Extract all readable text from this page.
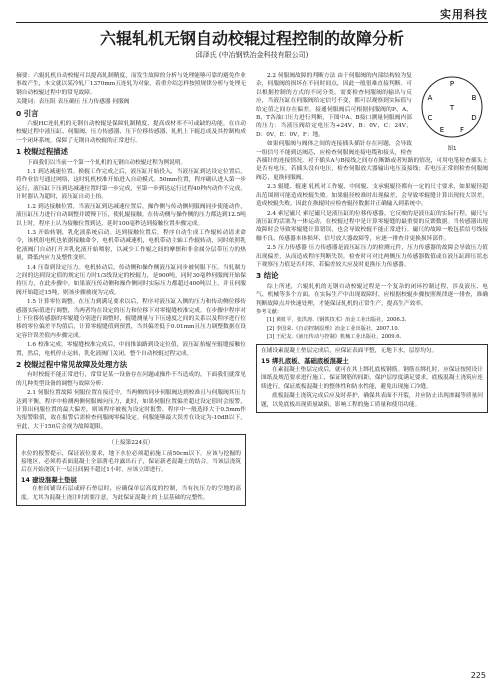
实用科技
六辊轧机无钢自动校辊过程控制的故障分析
邱泽氏 (中冶钢铁冶金科技有限公司)

摘要：六辊轧机自动校辊可以提高轧制精度，而发生故障的分析与处理能够可靠的避免作业事故产生，本文就以某冷轧厂1370mm五连轧为对象，着重介绍怎样按照规律分析与处理无钢自动校辊过程中的常见故障。

关键词：表压阻 表压确压 压力传感器 伺服阀

0 引言

六辊HC连轧机的无钢自动校辊是保障轧制精度、提高成材率不可或缺的功能。在自动校辊过程中液压缸、伺服阀、压力传感器、压下位移传感器、轧机上下辊总成及其控制构成一个闭环系统，保障了无钢自动校辊的正常进行。

1 校辊过程描述

下面我们以当前一个第一个轧机的无钢自动校辊过程为例说明。

1.1 到达减速位置。换辊工作完成之后，液压缸开始投入，当液压缸到达设定位置后，将作业信号通过网络，这时轧机校准开始进入自动模式。50mm位置，程序确认进入第一步运行，液压缸下压到达减速位置时第一步完成，至第一步到达运行过程40秒内动作不完成，计时器认为超时，液压缸自动上抬。

1.2 到达接触位置。当液压缸到达减速位置后，操作侧与传动侧伺服阀同步使能动作，液压缸压力进行自动调整并缓慢下压，使轧辊接触。在传动侧与操作侧的压力都达到12.5吨以上时，程序上认为接触位置到达，延时100毫秒达到接触位置步骤完成。

1.3 开始转钢，乳化液系统启动。达到接触位置后，程序自动生成工作辊转动请求命令，该机组电机也依据接触命令，电机带动减速机，电机带动主轴工作辊转动，同时依照乳化液阀门自动打开并乳化液开始喷射，以减少工作辊之间的摩擦和非金属分层带压力的热量，降低内应力及整性变形。

1.4 压靠到设定压力。电机转动后，传动侧和操作侧液压缸同步被伺服下压，当轧制力之间的达到设定值的规定压力时1/3线设定的校辊力，是900吨，同时30毫秒伺服阀开始保持压力，在此步骤中，如果液压传动侧和操作侧同时实际压力都超过400吨以上，并且伺服阀开始超过15吨，则该步骤被视为完成。

1.5 计算零位调整。在压力到满足要求以后，程序对液压缸入侧的压力和传动侧位移传感器实际值进行调整，当两者均在设定的压力和位移下对零辊缝校准完成。在步骤中程序对上下位移传感器的零辊缝分别进行调整时，辊缝测量与下压速度之间的关系以及程序进行位移的零位偏差平均值后，计算零辊缝值到预置，当其偏差低于0.01mm且压力调整数据在设定容许误差值内步骤完成。

1.6 校准完成。零辊缝校准完成后，中间推油路到设定位值，液压缸抬辊至辊缝接触位置，然后，电机停止运转，乳化液阀门关闭，整个自动校辊过程完成。

2 校辊过程中常见故障及处理方法

有时校辊不能正常进行，常常是某一设备存在问题或操作不当造成的，下面我们就常见的几种类型设备的调整与故障分析：

2.1 伺服位置故障 伺服位置在接近中，当两侧的同步伺服阀达到校准且与伺服阀其压力达到平衡，程序中检测两侧伺服阀向压力，此时，如果伺服位置偏差超过设定值时会报警，计算出伺服位置的最大偏差，则该程序被视为设定时报警，程序中一般选择大于0.5mm作为报警限值，故在报警后需检查伺服阀零偏设定。伺服能够最大误差在设定为-10dB以下，至此，大于150后会视为故障超限。

（上接第224页）

水位的报警提示，保证液位要求，地下水位必须超前施工前50cm以下。应该与挖掘的接地区，必须将表面混凝土全部凿毛并露出石子，保证新老混凝土的结合。当该层浇筑后在开始浇筑下一层且间隔不超过1小时，应该立即进行。

14 建设混凝土垫层

在桩间铺设石层或碎石垫层时，应确保单层高度的控制，当有抗压力的空地的高度。尤其为混凝土浇注时需要注意，为此保证混凝土的上层基础的完整性。

P
A	B
T
C	D
E F
图1

2.2 伺服阀故障的判断方法 由于伺服阀的内部结构较为复杂，伺服阀的损坏在不同时间点，因此一般很难直接判断。可以根据控制的方式的不同分类，需要检查伺服阀的输出与反应，当液压缸在伺服阀给定信号不变，都可以观察到实际值与给定值之间存在偏差。接通伺服阀后可根据伺服阀的P、A、B、T各油口压力进行判断，下图中A、B接口测量伺服阀内部的压力：当液压阀给定电压为+24V，B：0V，C：24V，D：0V，E：0V，F：地。

如果伺服阀与阀体之间的连接插头插针存在问题，会导致一组信号不能到达阀芯，应检查伺服阀连接电缆和接头，检查各插针的连接情况。对于插头A与B接线之间存在断路或者短路的情况，可用电笔检查插头上是否有电压，若插头没有电压，检查伺服放大器输出电压及接线；若电压正常则检查伺服阀阀芯，更换伺服阀。

2.3 辊缝、辊速 轧机对工作辊、中间辊、支承辊辊径都有一定的尺寸要求，如果辊径超出范围则可能造成校辊失败。如果辊径校准时出现偏差，会导致零辊缝计算出现较大误差，造成校辊失败，因此在换辊时应检查辊径数据并正确输入到系统中。

2.4 索尼磁尺 索尼磁尺是液压缸的位移传感器，它反映的是液压缸的实际行程。磁尺与液压缸的活塞为一体运动，在校辊过程中是计算零辊缝的最重要的反馈数据。当传感器出现故障时会导致零辊缝计算错误，也会导致校辊不能正常进行。磁尺的故障一般包括信号线接触不良、传感器本体损坏、信号放大器故障等，应逐一排查并更换损坏部件。

2.5 压力传感器 压力传感器是液压缸压力的检测元件，压力传感器的故障会导致压力值出现偏差，从而造成程序判断失误。检查时可对比两侧压力传感器数值或在液压缸卸压状态下观察压力值是否归零，若偏差较大应及时更换压力传感器。

3 结论

综上所述，六辊轧机的无钢自动校辊过程是一个复杂的闭环控制过程，涉及液压、电气、机械等多个方面。在实际生产中出现故障时，应根据校辊步骤按照规律逐一排查，准确判断故障点并快速处理，才能保证轧机的正常生产，提高生产效率。

参考文献：

[1] 黄虹平，张洪涛.《钢铁技术》冶金工业出版社，2006.3.

[2] 李国荣.《自动控制原理》冶金工业出版社，2007.10.

[3] 王纪友.《液压传动与控制》机械工业出版社，2009.6.

在铺设素混凝土垫层完成后，应保证表面平整，无地下水，层厚均匀。

15 绑扎底板、基础底板混凝土

在素混凝土垫层完成后，就可在其上绑扎底板钢筋。钢筋在绑扎时，应保证按照设计图纸及规范要求进行施工，保证钢筋的间距、保护层厚度满足要求，底板混凝土浇筑应连续进行，保证底板混凝土的整体性和防水性能，避免出现施工冷缝。

底板混凝土浇筑完成后应及时养护，确保其表面不开裂，并应防止出现渗漏等质量问题，以免底板出现质量缺陷，影响工程的施工质量和使用功能。

225
